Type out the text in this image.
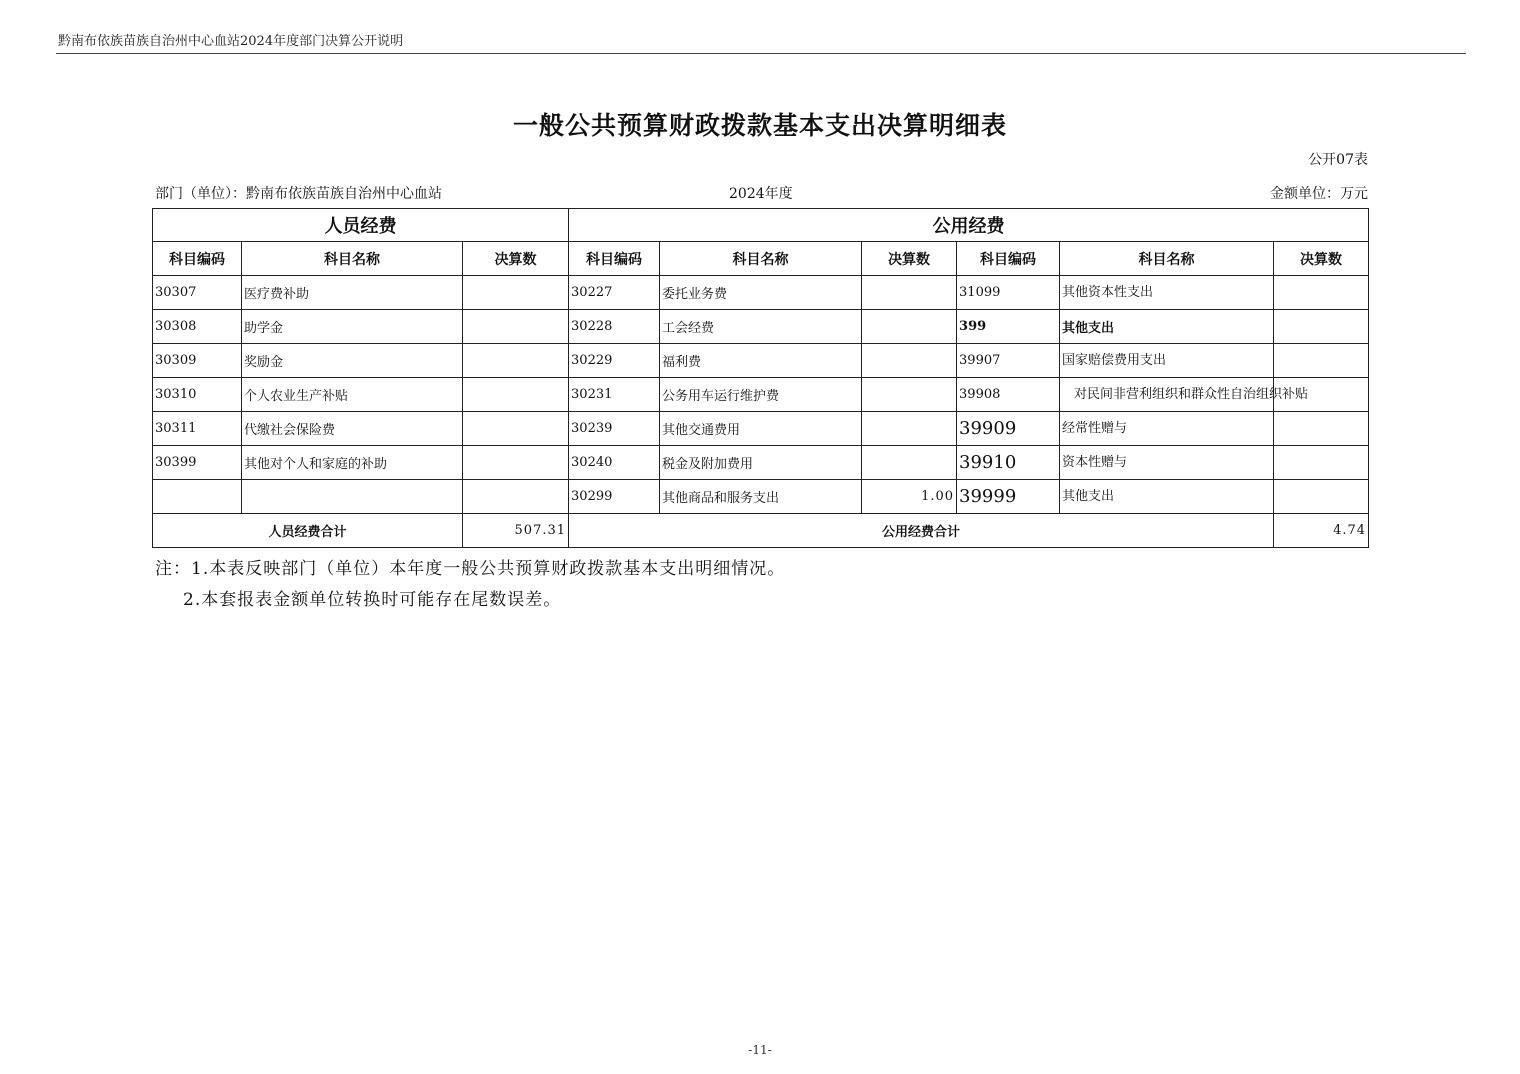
黔南布依族苗族自治州中心血站2024年度部门决算公开说明
一般公共预算财政拨款基本支出决算明细表
公开07表
部门（单位）：黔南布依族苗族自治州中心血站	2024年度	金额单位：万元
人员经费			公用经费					
科目编码	科目名称	决算数	科目编码	科目名称	决算数	科目编码	科目名称	决算数
30307	医疗费补助		30227	委托业务费		31099	其他资本性支出	
30308	助学金		30228	工会经费		399	其他支出	
30309	奖励金		30229	福利费		39907	国家赔偿费用支出	
30310	个人农业生产补贴		30231	公务用车运行维护费		39908	对民间非营利组织和群众性自治组织补贴	
30311	代缴社会保险费		30239	其他交通费用		39909	经常性赠与	
30399	其他对个人和家庭的补助		30240	税金及附加费用		39910	资本性赠与	
			30299	其他商品和服务支出	1.00	39999	其他支出	
人员经费合计		507.31	公用经费合计					4.74
注：1.本表反映部门（单位）本年度一般公共预算财政拨款基本支出明细情况。
2.本套报表金额单位转换时可能存在尾数误差。
-11-
